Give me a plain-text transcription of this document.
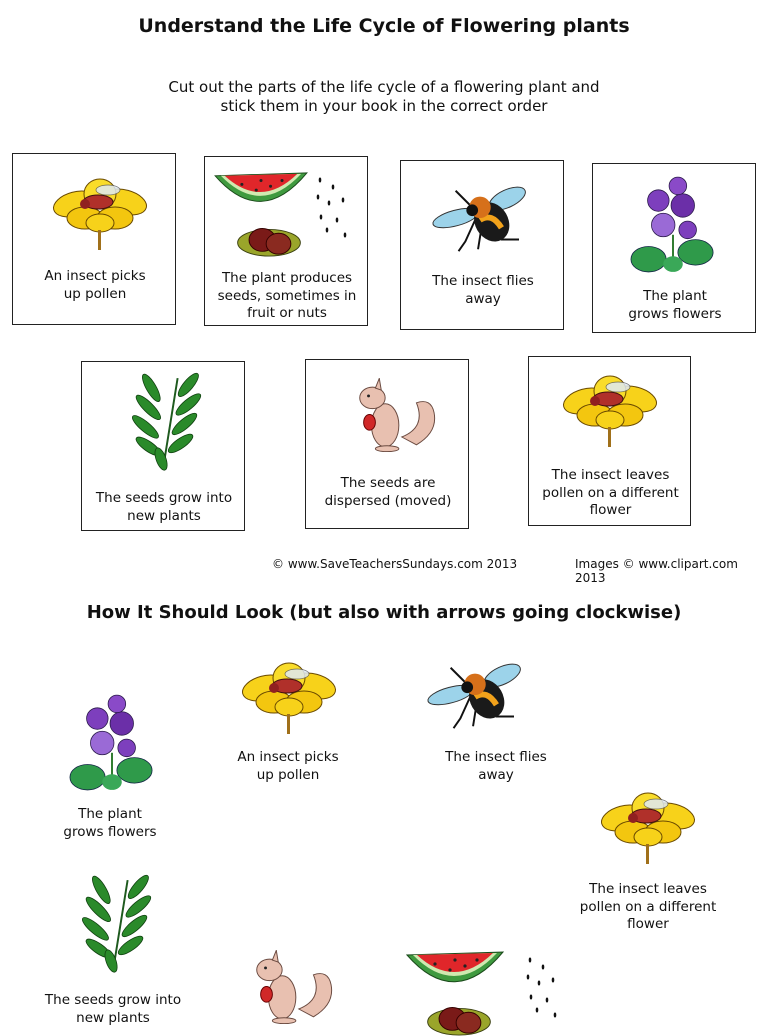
Understand the Life Cycle of Flowering plants
Cut out the parts of the life cycle of a flowering plant and
stick them in your book in the correct order
An insect picks
up pollen
The plant produces
seeds, sometimes in
fruit or nuts
The insect flies
away	The plant
grows flowers
The seeds grow into
new plants
The seeds are
dispersed (moved)
The insect leaves
pollen on a different
flower
© www.SaveTeachersSundays.com 2013	Images © www.clipart.com 2013
How It Should Look (but also with arrows going clockwise)
The plant
grows flowers
An insect picks
up pollen
The insect flies
away
The insect leaves
pollen on a different
flower
The seeds grow into
new plants
